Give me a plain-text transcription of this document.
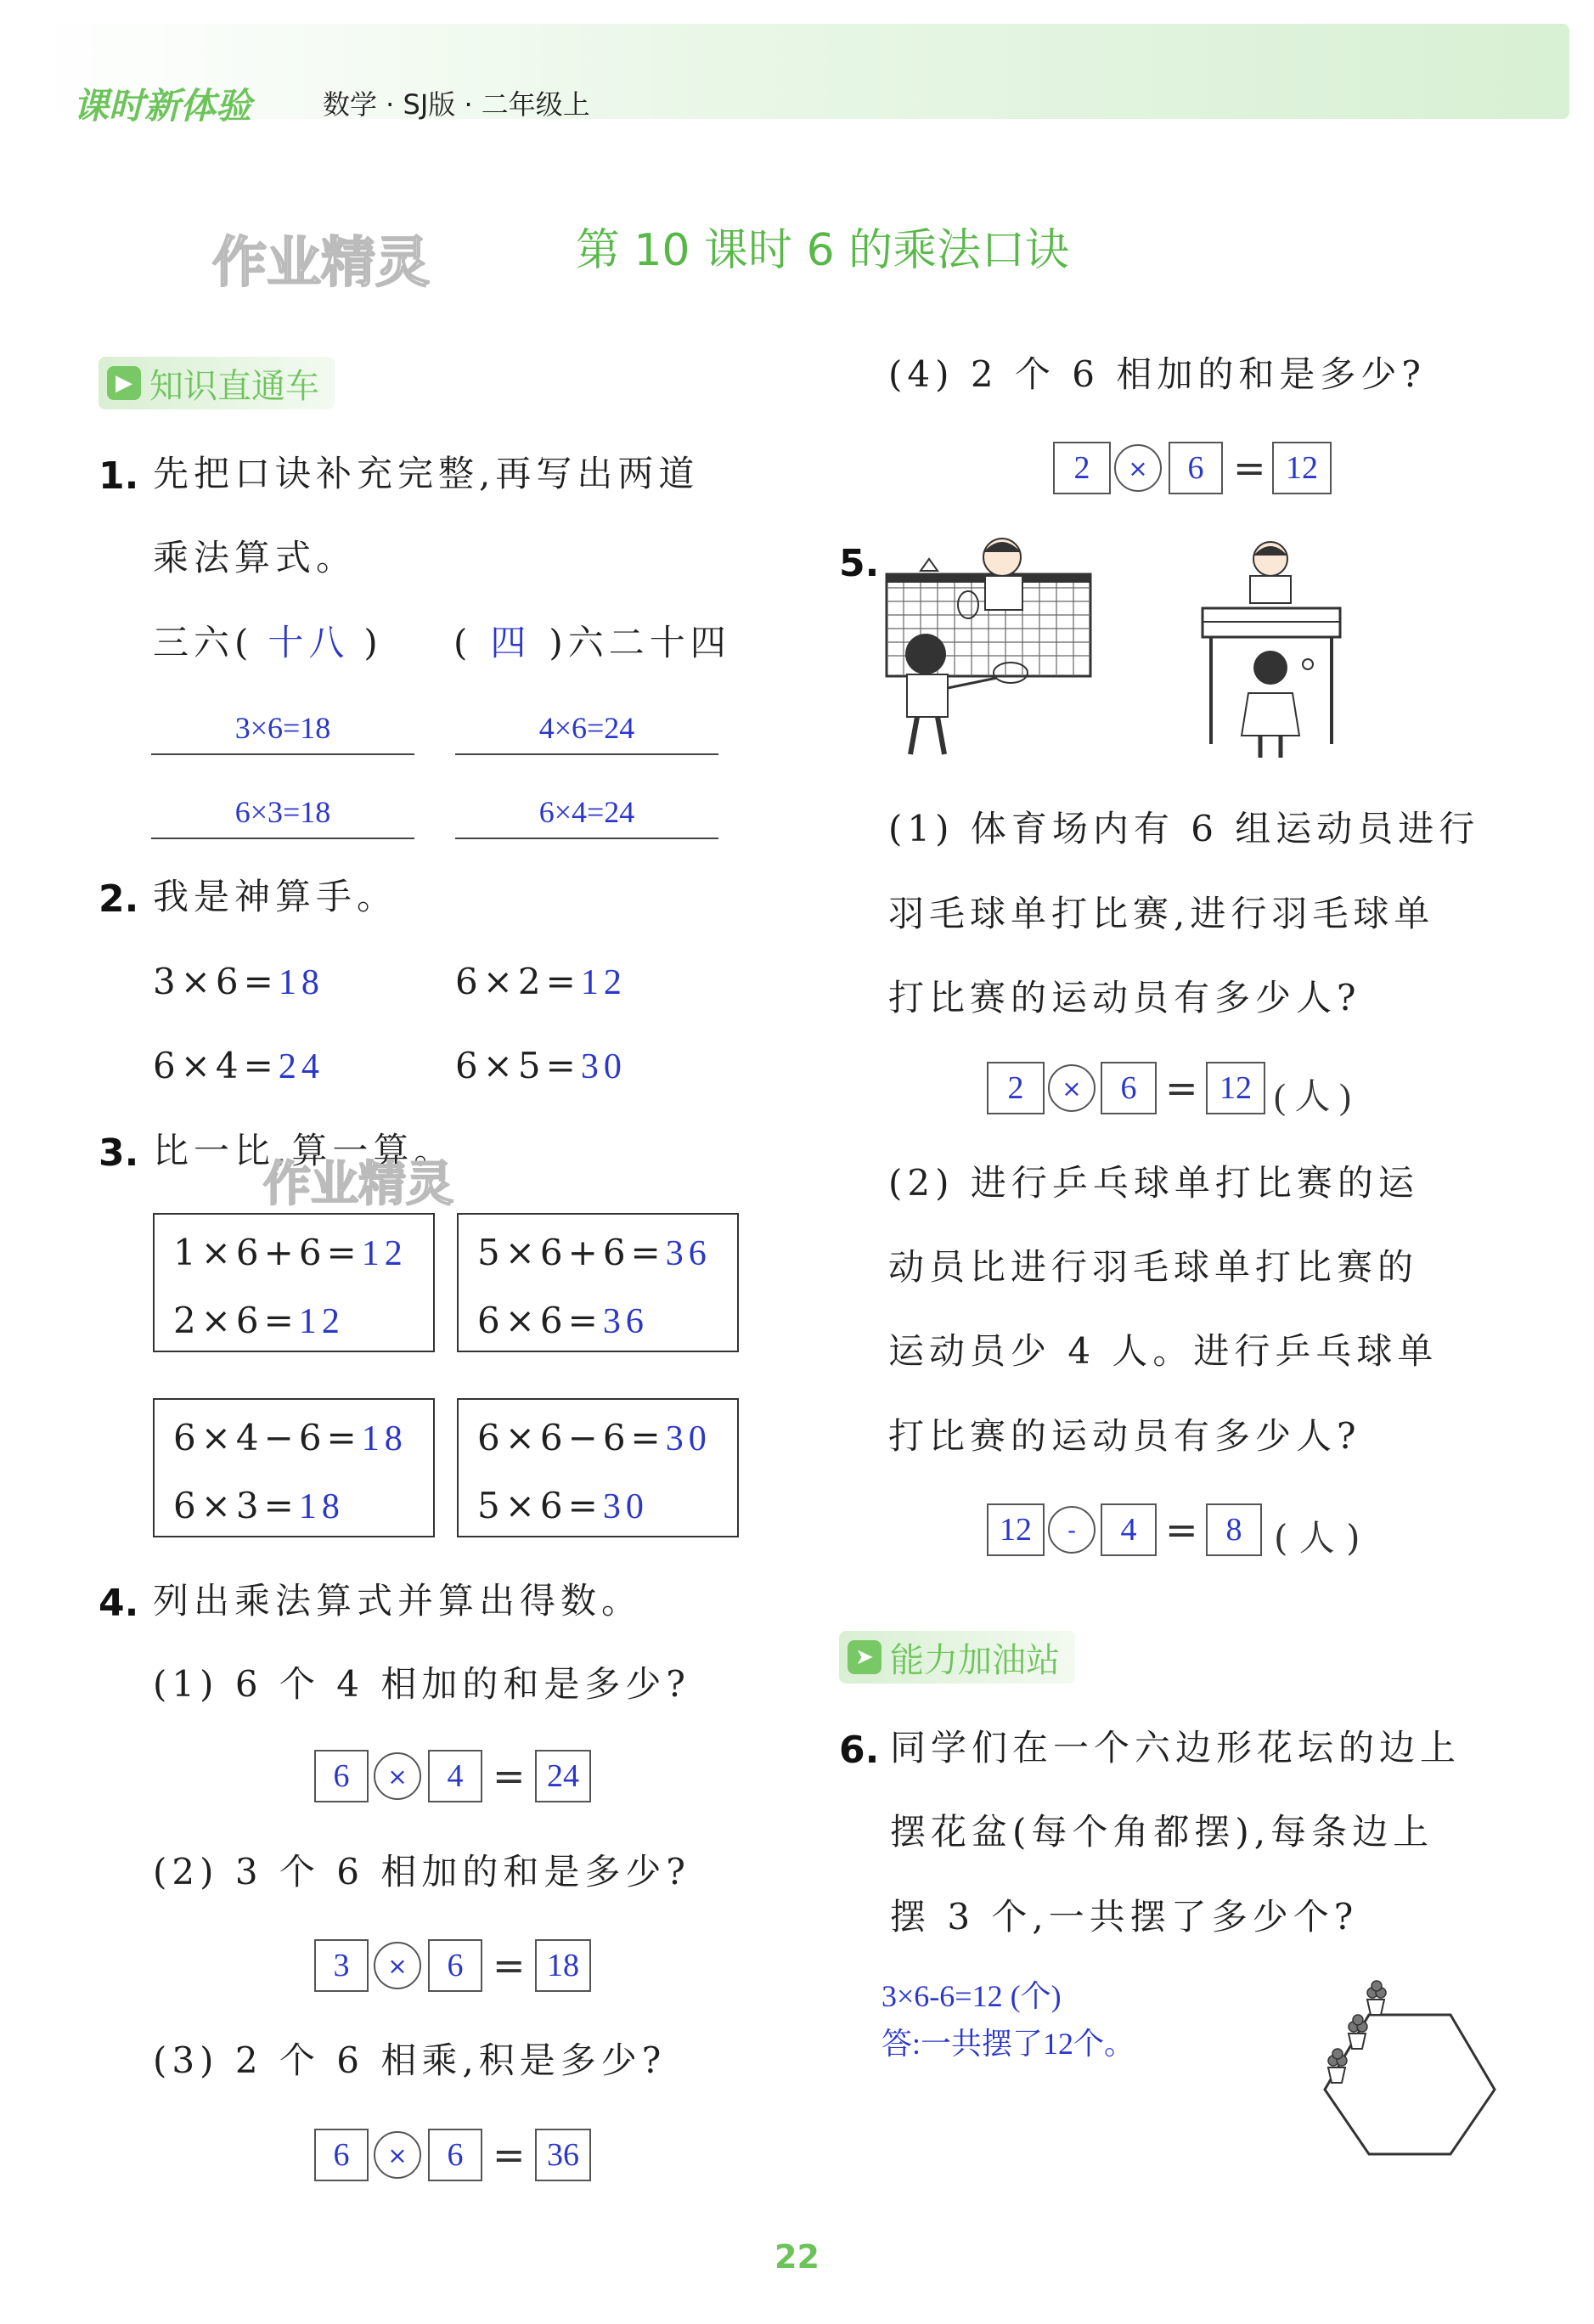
课时新体验	数学 · SJ版 · 二年级上
作业精灵	第 10 课时 6 的乘法口诀
▶ 知识直通车
1. 先把口诀补充完整,再写出两道
乘法算式。
三六( 十八 ) ( 四 )六二十四
3×6=18	4×6=24
6×3=18	6×4=24
2. 我是神算手。
3×6=18	6×2=12
6×4=24	6×5=30
3. 比一比,算一算。
作业精灵
1×6+6=12
2×6=12
5×6+6=36
6×6=36
6×4−6=18
6×3=18
6×6−6=30
5×6=30
4. 列出乘法算式并算出得数。
(1) 6 个 4 相加的和是多少?
6	×	4 = 24
(2) 3 个 6 相加的和是多少?
3	×	6 = 18
(3) 2 个 6 相乘,积是多少?
6	×	6 = 36
(4) 2 个 6 相加的和是多少?
2	×	6 = 12
5.
(1) 体育场内有 6 组运动员进行
羽毛球单打比赛,进行羽毛球单
打比赛的运动员有多少人?
2	×	6 = 12 ( 人 )
(2) 进行乒乓球单打比赛的运
动员比进行羽毛球单打比赛的
运动员少 4 人。进行乒乓球单
打比赛的运动员有多少人?
12	-	4 = 8 ( 人 )
➤ 能力加油站
6. 同学们在一个六边形花坛的边上
摆花盆(每个角都摆),每条边上
摆 3 个,一共摆了多少个?
3×6-6=12 (个)
答:一共摆了12个。
22
